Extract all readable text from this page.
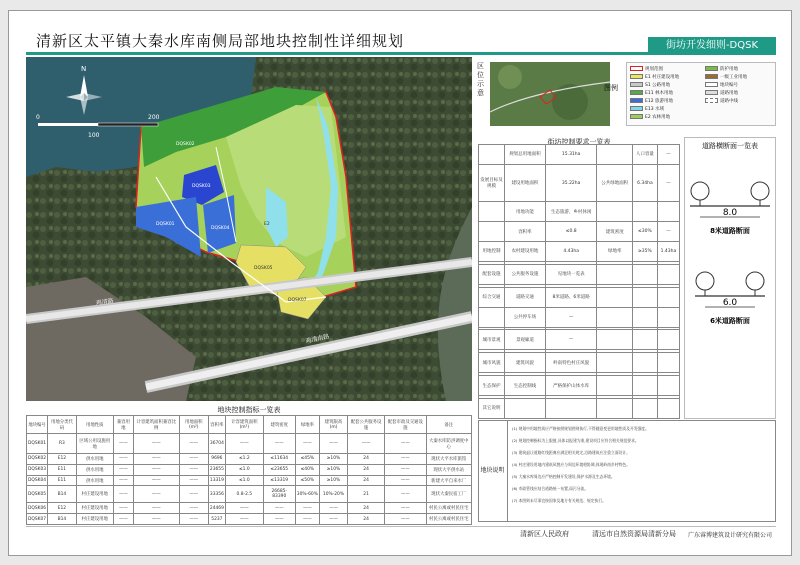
清新区太平镇大秦水库南侧局部地块控制性详细规划	街坊开发细则-DQSK
DQSK02
DQSK03
DQSK01
DQSK04
DQSK05
DQSK07
E2
鸡清路
鸡清南路
N
0
100
200
区位示意
图例
规划范围
E1 村庄建设用地
S1 公路用地
E11 林木用地
E12 旅游用地
E13 水域
E2 农林用地
防护用地
一级工业用地
地块编号
道路用地
道路中线
街坊控制要求一览表
	规划总用地面积	15.31ha		人口容量	—
发展目标及规模	建设用地面积	35.22ha	公共绿地面积	6.34ha	—
	用地功能	生态旅游、乡村休闲			
	容积率	≤0.8	建筑密度	≤30%	—
用地控制	农村建设用地	4.43ha	绿地率	≥35%	1.43ha

配套设施	公共服务设施	见地块一览表			

综合交通	道路交通	8米道路、6米道路			
	公共停车场	—			

城市景观	景观廊道	—			

城市风貌	建筑风貌	岭南特色村庄风貌			

生态保护	生态控制线	严格保护山体水库			

其它说明					
道路横断面一览表
8.0
8米道路断面
6.0
6米道路断面
地块说明
(1) 规划中用地性质应严格按照规划图则执行,不得随意变更用地性质及开发强度。
(2) 规划控制指标为上限值,具体以报建为准,建设项目应符合相关规范要求。
(3) 建筑退让道路红线距离应满足相关规定,沿路建筑应注重立面设计。
(4) 村庄建设用地内建筑风貌应与周边环境相协调,体现岭南乡村特色。
(5) 大秦水库周边应严格控制开发建设,保护水源及生态环境。
(6) 市政管线应结合道路统一布置,雨污分流。
(7) 本图则未尽事宜按国家及地方有关规范、规定执行。
地块控制指标一览表
地块编号	用地分类代码	用地性质	兼容用地	计容建筑面积兼容比例	用地面积(m²)	容积率	计容建筑面积(m²)	建筑密度	绿地率	建筑限高(m)	配套公共服务设施	配套市政及交通设施	备注
DQSK01	R3	区域公用设施用地	——	——	——	36704	——	——	——	——	——	——	大秦水库防洪调度中心
DQSK02	E12	供水用地	——	——	——	9696	≤1.2	≤11634	≤45%	≥10%	24	——	现状大平水库旅馆
DQSK03	E11	供水用地	——	——	——	23655	≤1.0	≤23655	≤40%	≥10%	24	——	现状大平供水站
DQSK04	E11	供水用地	——	——	——	13319	≤1.0	≤13319	≤50%	≥10%	24	——	新建大平自来水厂
DQSK05	B14	村庄建设用地	——	——	——	33356	0.8-2.5	26685-83390	30%-60%	10%-20%	21	——	现状大秦民宿工厂
DQSK06	E12	村庄建设用地	——	——	——	24469	——	——	——	——	24	——	村民公寓或村民住宅
DQSK07	B14	村庄建设用地	——	——	——	5237	——	——	——	——	24	——	村民公寓或村民住宅
清新区人民政府	清远市自然资源局清新分局 广东睿博建筑设计研究有限公司
